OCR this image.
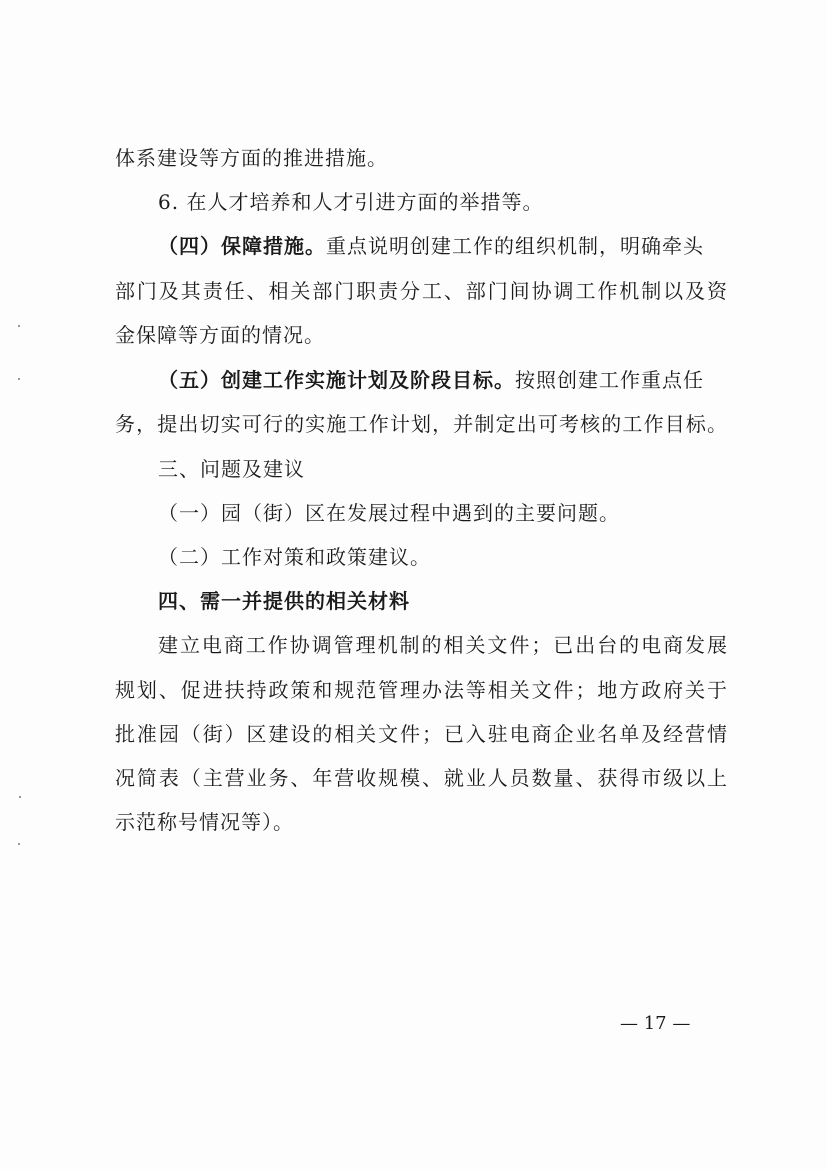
体系建设等方面的推进措施。
6. 在人才培养和人才引进方面的举措等。
（四）保障措施。重点说明创建工作的组织机制，明确牵头
部门及其责任、相关部门职责分工、部门间协调工作机制以及资
金保障等方面的情况。
（五）创建工作实施计划及阶段目标。按照创建工作重点任
务，提出切实可行的实施工作计划，并制定出可考核的工作目标。
三、问题及建议
（一）园（街）区在发展过程中遇到的主要问题。
（二）工作对策和政策建议。
四、需一并提供的相关材料
建立电商工作协调管理机制的相关文件；已出台的电商发展
规划、促进扶持政策和规范管理办法等相关文件；地方政府关于
批准园（街）区建设的相关文件；已入驻电商企业名单及经营情
况简表（主营业务、年营收规模、就业人员数量、获得市级以上
示范称号情况等）。
— 17 —
